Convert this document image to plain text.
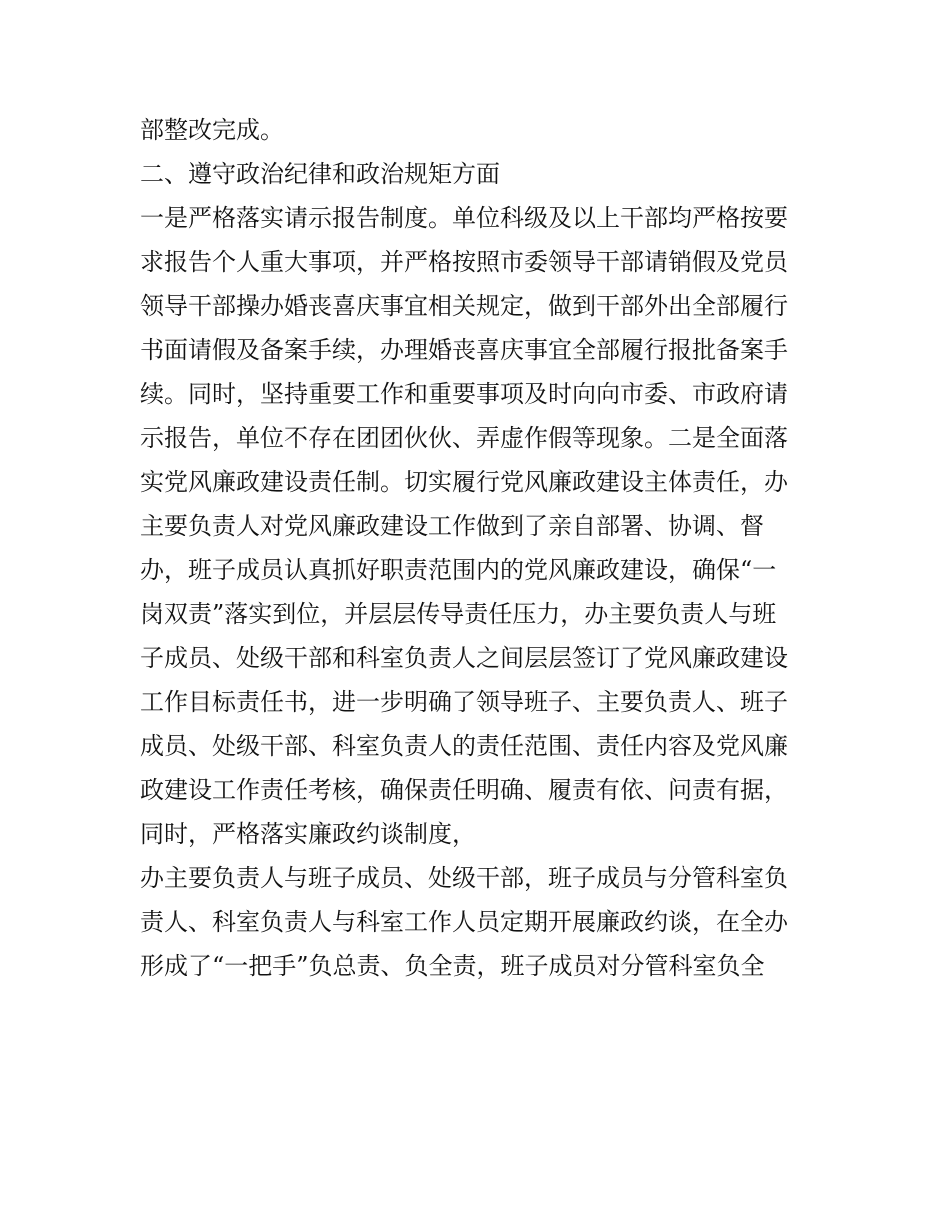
部整改完成。
二、遵守政治纪律和政治规矩方面
一是严格落实请示报告制度。单位科级及以上干部均严格按要
求报告个人重大事项，并严格按照市委领导干部请销假及党员
领导干部操办婚丧喜庆事宜相关规定，做到干部外出全部履行
书面请假及备案手续，办理婚丧喜庆事宜全部履行报批备案手
续。同时，坚持重要工作和重要事项及时向向市委、市政府请
示报告，单位不存在团团伙伙、弄虚作假等现象。二是全面落
实党风廉政建设责任制。切实履行党风廉政建设主体责任，办
主要负责人对党风廉政建设工作做到了亲自部署、协调、督
办，班子成员认真抓好职责范围内的党风廉政建设，确保“一
岗双责”落实到位，并层层传导责任压力，办主要负责人与班
子成员、处级干部和科室负责人之间层层签订了党风廉政建设
工作目标责任书，进一步明确了领导班子、主要负责人、班子
成员、处级干部、科室负责人的责任范围、责任内容及党风廉
政建设工作责任考核，确保责任明确、履责有依、问责有据，
同时，严格落实廉政约谈制度，
办主要负责人与班子成员、处级干部，班子成员与分管科室负
责人、科室负责人与科室工作人员定期开展廉政约谈，在全办
形成了“一把手”负总责、负全责，班子成员对分管科室负全
